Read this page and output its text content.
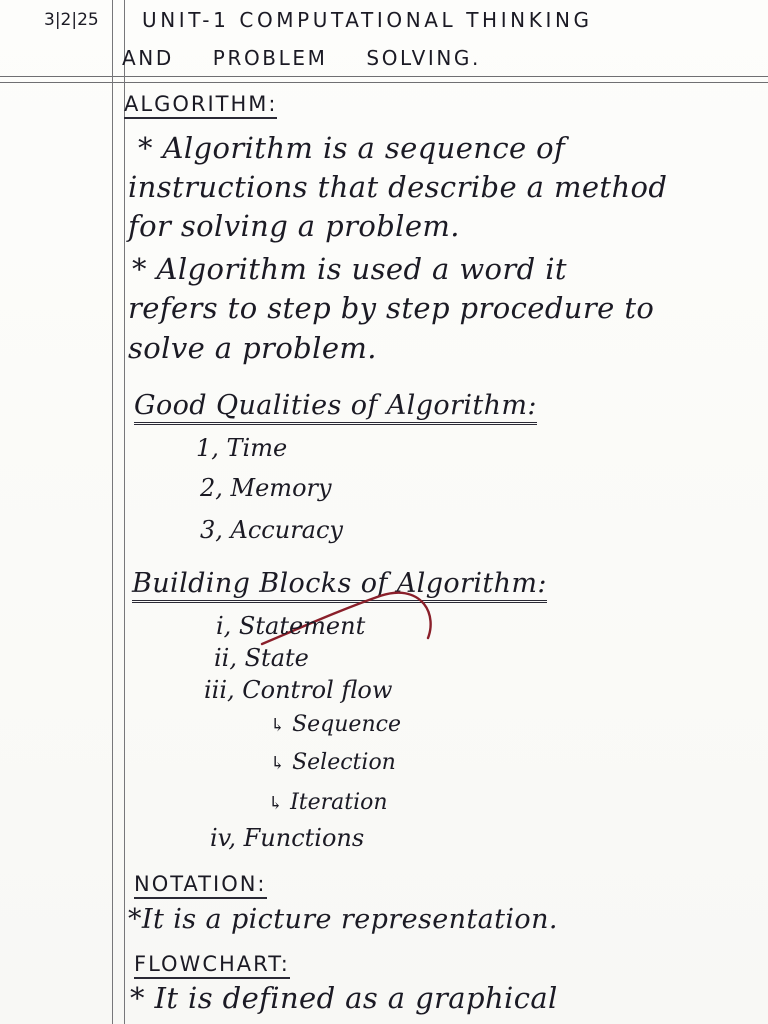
3|2|25 UNIT-1 COMPUTATIONAL THINKING
AND PROBLEM SOLVING.
ALGORITHM:
* Algorithm is a sequence of
instructions that describe a method
for solving a problem.
* Algorithm is used a word it
refers to step by step procedure to
solve a problem.
Good Qualities of Algorithm:
1, Time
2, Memory
3, Accuracy
Building Blocks of Algorithm:
i, Statement
ii, State
iii, Control flow
↳ Sequence
↳ Selection
↳ Iteration
iv, Functions
NOTATION:
*It is a picture representation.
FLOWCHART:
* It is defined as a graphical
